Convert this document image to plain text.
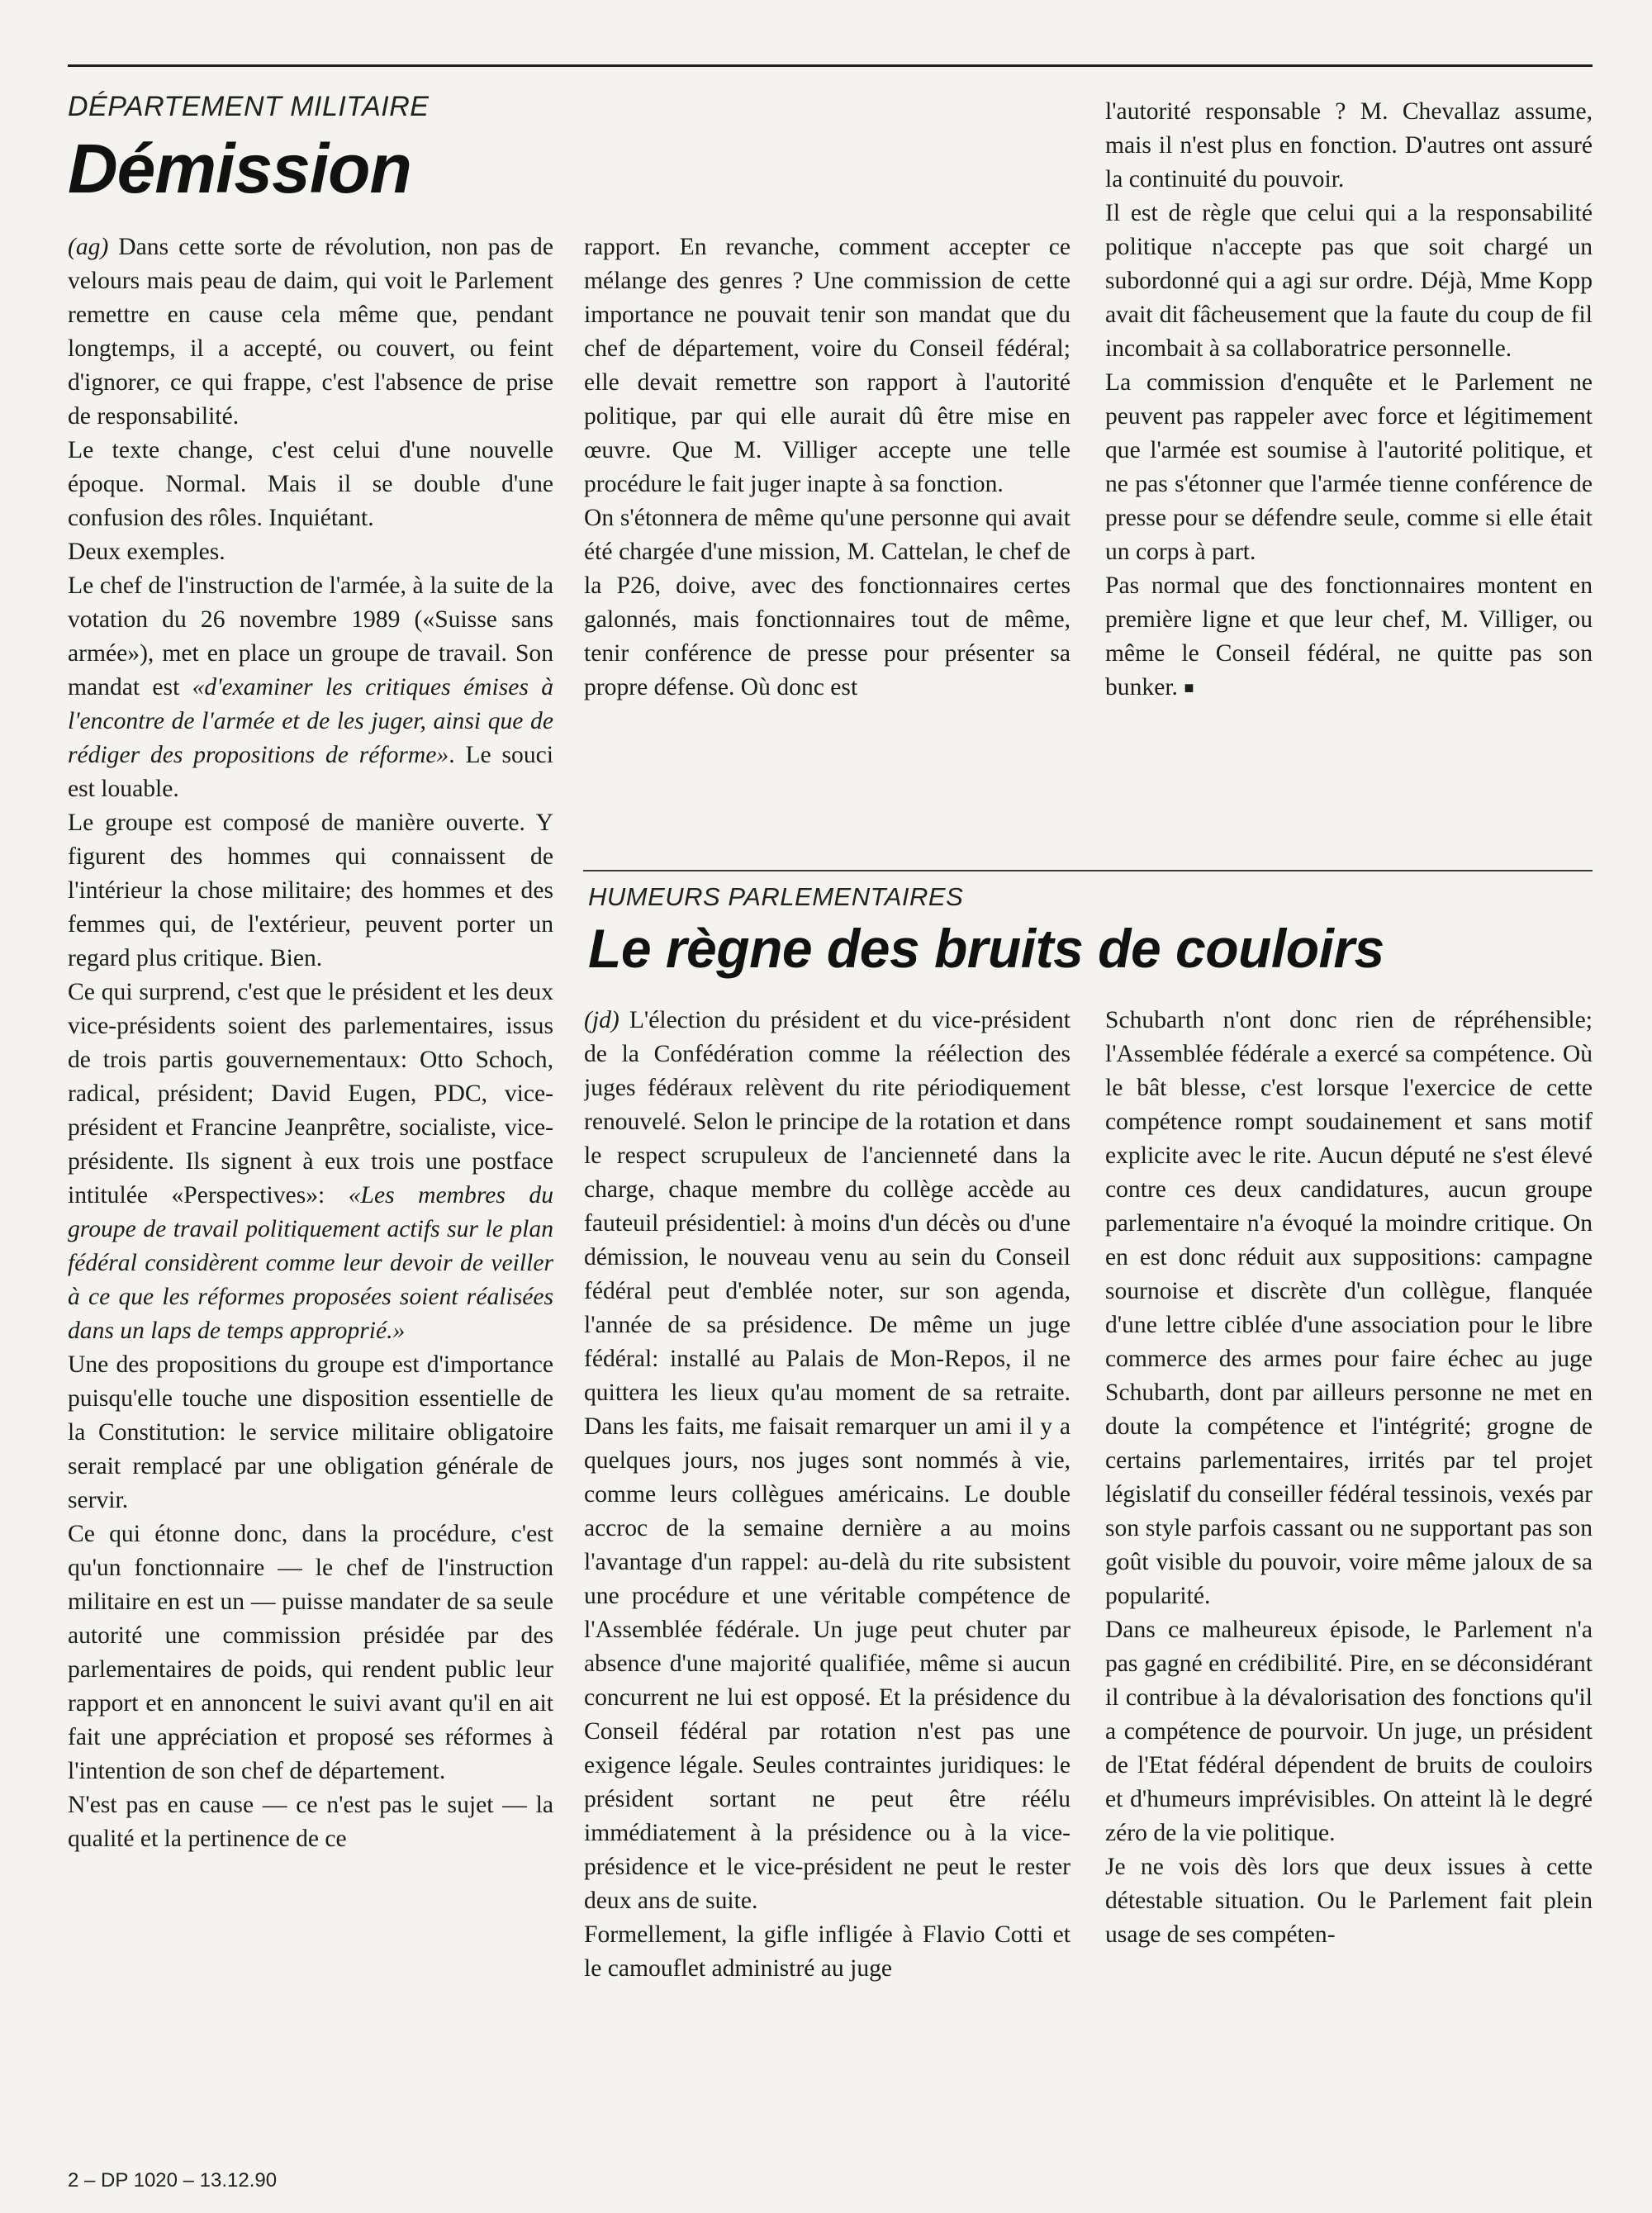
DÉPARTEMENT MILITAIRE

Démission

(ag) Dans cette sorte de révolution, non pas de velours mais peau de daim, qui voit le Parlement remettre en cause cela même que, pendant longtemps, il a accepté, ou couvert, ou feint d'ignorer, ce qui frappe, c'est l'absence de prise de responsabilité.

Le texte change, c'est celui d'une nouvelle époque. Normal. Mais il se double d'une confusion des rôles. Inquiétant.

Deux exemples.

Le chef de l'instruction de l'armée, à la suite de la votation du 26 novembre 1989 («Suisse sans armée»), met en place un groupe de travail. Son mandat est «d'examiner les critiques émises à l'encontre de l'armée et de les juger, ainsi que de rédiger des propositions de réforme». Le souci est louable.

Le groupe est composé de manière ouverte. Y figurent des hommes qui connaissent de l'intérieur la chose militaire; des hommes et des femmes qui, de l'extérieur, peuvent porter un regard plus critique. Bien.

Ce qui surprend, c'est que le président et les deux vice-présidents soient des parlementaires, issus de trois partis gouvernementaux: Otto Schoch, radical, président; David Eugen, PDC, vice-président et Francine Jeanprêtre, socialiste, vice-présidente. Ils signent à eux trois une postface intitulée «Perspectives»: «Les membres du groupe de travail politiquement actifs sur le plan fédéral considèrent comme leur devoir de veiller à ce que les réformes proposées soient réalisées dans un laps de temps approprié.»

Une des propositions du groupe est d'importance puisqu'elle touche une disposition essentielle de la Constitution: le service militaire obligatoire serait remplacé par une obligation générale de servir.

Ce qui étonne donc, dans la procédure, c'est qu'un fonctionnaire — le chef de l'instruction militaire en est un — puisse mandater de sa seule autorité une commission présidée par des parlementaires de poids, qui rendent public leur rapport et en annoncent le suivi avant qu'il en ait fait une appréciation et proposé ses réformes à l'intention de son chef de département.

N'est pas en cause — ce n'est pas le sujet — la qualité et la pertinence de ce

rapport. En revanche, comment accepter ce mélange des genres ? Une commission de cette importance ne pouvait tenir son mandat que du chef de département, voire du Conseil fédéral; elle devait remettre son rapport à l'autorité politique, par qui elle aurait dû être mise en œuvre. Que M. Villiger accepte une telle procédure le fait juger inapte à sa fonction.

On s'étonnera de même qu'une personne qui avait été chargée d'une mission, M. Cattelan, le chef de la P26, doive, avec des fonctionnaires certes galonnés, mais fonctionnaires tout de même, tenir conférence de presse pour présenter sa propre défense. Où donc est

l'autorité responsable ? M. Chevallaz assume, mais il n'est plus en fonction. D'autres ont assuré la continuité du pouvoir.

Il est de règle que celui qui a la responsabilité politique n'accepte pas que soit chargé un subordonné qui a agi sur ordre. Déjà, Mme Kopp avait dit fâcheusement que la faute du coup de fil incombait à sa collaboratrice personnelle.

La commission d'enquête et le Parlement ne peuvent pas rappeler avec force et légitimement que l'armée est soumise à l'autorité politique, et ne pas s'étonner que l'armée tienne conférence de presse pour se défendre seule, comme si elle était un corps à part.

Pas normal que des fonctionnaires montent en première ligne et que leur chef, M. Villiger, ou même le Conseil fédéral, ne quitte pas son bunker. ■

HUMEURS PARLEMENTAIRES

Le règne des bruits de couloirs

(jd) L'élection du président et du vice-président de la Confédération comme la réélection des juges fédéraux relèvent du rite périodiquement renouvelé. Selon le principe de la rotation et dans le respect scrupuleux de l'ancienneté dans la charge, chaque membre du collège accède au fauteuil présidentiel: à moins d'un décès ou d'une démission, le nouveau venu au sein du Conseil fédéral peut d'emblée noter, sur son agenda, l'année de sa présidence. De même un juge fédéral: installé au Palais de Mon-Repos, il ne quittera les lieux qu'au moment de sa retraite. Dans les faits, me faisait remarquer un ami il y a quelques jours, nos juges sont nommés à vie, comme leurs collègues américains. Le double accroc de la semaine dernière a au moins l'avantage d'un rappel: au-delà du rite subsistent une procédure et une véritable compétence de l'Assemblée fédérale. Un juge peut chuter par absence d'une majorité qualifiée, même si aucun concurrent ne lui est opposé. Et la présidence du Conseil fédéral par rotation n'est pas une exigence légale. Seules contraintes juridiques: le président sortant ne peut être réélu immédiatement à la présidence ou à la vice-présidence et le vice-président ne peut le rester deux ans de suite.

Formellement, la gifle infligée à Flavio Cotti et le camouflet administré au juge

Schubarth n'ont donc rien de répréhensible; l'Assemblée fédérale a exercé sa compétence. Où le bât blesse, c'est lorsque l'exercice de cette compétence rompt soudainement et sans motif explicite avec le rite. Aucun député ne s'est élevé contre ces deux candidatures, aucun groupe parlementaire n'a évoqué la moindre critique. On en est donc réduit aux suppositions: campagne sournoise et discrète d'un collègue, flanquée d'une lettre ciblée d'une association pour le libre commerce des armes pour faire échec au juge Schubarth, dont par ailleurs personne ne met en doute la compétence et l'intégrité; grogne de certains parlementaires, irrités par tel projet législatif du conseiller fédéral tessinois, vexés par son style parfois cassant ou ne supportant pas son goût visible du pouvoir, voire même jaloux de sa popularité.

Dans ce malheureux épisode, le Parlement n'a pas gagné en crédibilité. Pire, en se déconsidérant il contribue à la dévalorisation des fonctions qu'il a compétence de pourvoir. Un juge, un président de l'Etat fédéral dépendent de bruits de couloirs et d'humeurs imprévisibles. On atteint là le degré zéro de la vie politique.

Je ne vois dès lors que deux issues à cette détestable situation. Ou le Parlement fait plein usage de ses compéten-

2 – DP 1020 – 13.12.90
